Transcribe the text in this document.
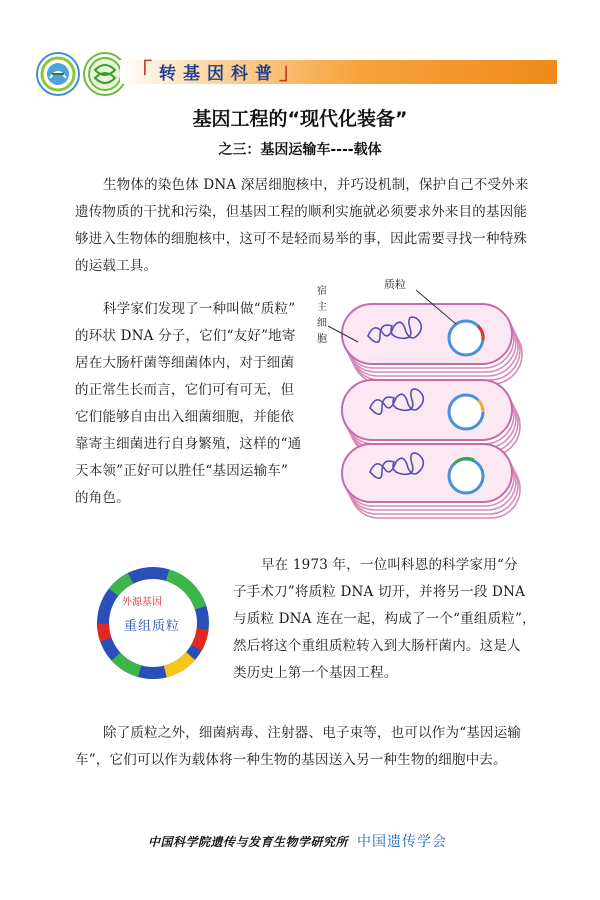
「转基因科普」
基因工程的“现代化装备”
之三：基因运输车----载体
生物体的染色体 DNA 深居细胞核中，并巧设机制，保护自己不受外来
遗传物质的干扰和污染，但基因工程的顺利实施就必须要求外来目的基因能
够进入生物体的细胞核中，这可不是轻而易举的事，因此需要寻找一种特殊
的运载工具。
科学家们发现了一种叫做“质粒”
的环状 DNA 分子，它们“友好”地寄
居在大肠杆菌等细菌体内，对于细菌
的正常生长而言，它们可有可无，但
它们能够自由出入细菌细胞，并能依
靠寄主细菌进行自身繁殖，这样的“通
天本领”正好可以胜任“基因运输车”
的角色。
质粒
宿
主
细
胞
外源基因
重组质粒
早在 1973 年，一位叫科恩的科学家用“分
子手术刀”将质粒 DNA 切开，并将另一段 DNA
与质粒 DNA 连在一起，构成了一个“重组质粒”，
然后将这个重组质粒转入到大肠杆菌内。这是人
类历史上第一个基因工程。
除了质粒之外，细菌病毒、注射器、电子束等，也可以作为“基因运输
车”，它们可以作为载体将一种生物的基因送入另一种生物的细胞中去。
中国科学院遗传与发育生物学研究所 中国遗传学会
